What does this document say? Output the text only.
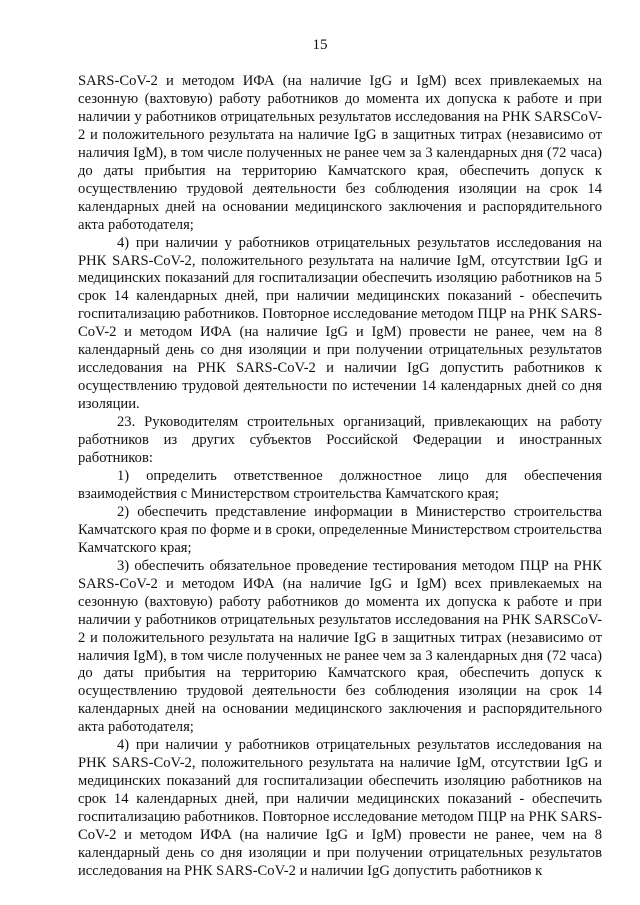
15

SARS-CoV-2 и методом ИФА (на наличие IgG и IgM) всех привлекаемых на сезонную (вахтовую) работу работников до момента их допуска к работе и при наличии у работников отрицательных результатов исследования на РНК SARSCoV-2 и положительного результата на наличие IgG в защитных титрах (независимо от наличия IgM), в том числе полученных не ранее чем за 3 календарных дня (72 часа) до даты прибытия на территорию Камчатского края, обеспечить допуск к осуществлению трудовой деятельности без соблюдения изоляции на срок 14 календарных дней на основании медицинского заключения и распорядительного акта работодателя;

4) при наличии у работников отрицательных результатов исследования на РНК SARS-CoV-2, положительного результата на наличие IgM, отсутствии IgG и медицинских показаний для госпитализации обеспечить изоляцию работников на 5 срок 14 календарных дней, при наличии медицинских показаний - обеспечить госпитализацию работников. Повторное исследование методом ПЦР на РНК SARS-CoV-2 и методом ИФА (на наличие IgG и IgM) провести не ранее, чем на 8 календарный день со дня изоляции и при получении отрицательных результатов исследования на РНК SARS-CoV-2 и наличии IgG допустить работников к осуществлению трудовой деятельности по истечении 14 календарных дней со дня изоляции.

23. Руководителям строительных организаций, привлекающих на работу работников из других субъектов Российской Федерации и иностранных работников:

1) определить ответственное должностное лицо для обеспечения взаимодействия с Министерством строительства Камчатского края;

2) обеспечить представление информации в Министерство строительства Камчатского края по форме и в сроки, определенные Министерством строительства Камчатского края;

3) обеспечить обязательное проведение тестирования методом ПЦР на РНК SARS-CoV-2 и методом ИФА (на наличие IgG и IgM) всех привлекаемых на сезонную (вахтовую) работу работников до момента их допуска к работе и при наличии у работников отрицательных результатов исследования на РНК SARSCoV-2 и положительного результата на наличие IgG в защитных титрах (независимо от наличия IgM), в том числе полученных не ранее чем за 3 календарных дня (72 часа) до даты прибытия на территорию Камчатского края, обеспечить допуск к осуществлению трудовой деятельности без соблюдения изоляции на срок 14 календарных дней на основании медицинского заключения и распорядительного акта работодателя;

4) при наличии у работников отрицательных результатов исследования на РНК SARS-CoV-2, положительного результата на наличие IgM, отсутствии IgG и медицинских показаний для госпитализации обеспечить изоляцию работников на срок 14 календарных дней, при наличии медицинских показаний - обеспечить госпитализацию работников. Повторное исследование методом ПЦР на РНК SARS-CoV-2 и методом ИФА (на наличие IgG и IgM) провести не ранее, чем на 8 календарный день со дня изоляции и при получении отрицательных результатов исследования на РНК SARS-CoV-2 и наличии IgG допустить работников к
